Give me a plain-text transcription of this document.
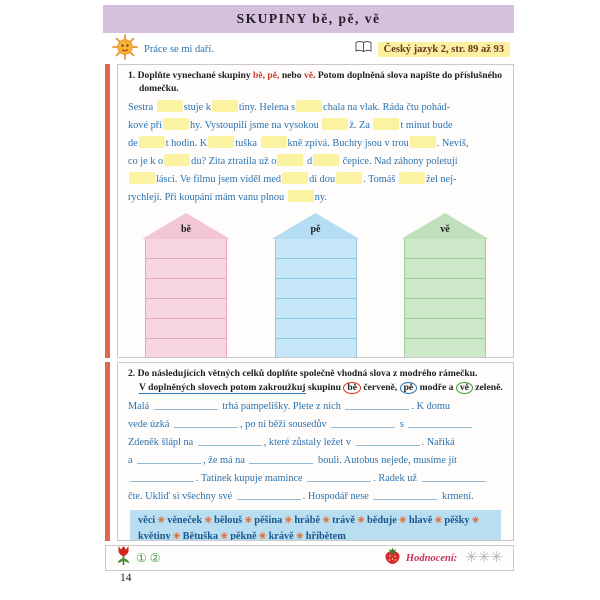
SKUPINY bě, pě, vě
Práce se mi daří.	Český jazyk 2, str. 89 až 93
1. Doplňte vynechané skupiny bě, pě, nebo vě. Potom doplněná slova napište do příslušného domečku.
Sestra	stuje k	tiny. Helena s	chala na vlak. Ráda čtu pohád-
kové pří	hy. Vystoupili jsme na vysokou	ž. Za	t minut bude
de	t hodin. K	tuška	kně zpívá. Buchty jsou v trou	. Nevíš,
co je k o	du? Zita ztratila už o	d	čepice. Nad záhony poletují
lásci. Ve filmu jsem viděl med	dí dou	. Tomáš	žel nej-
rychleji. Při koupání mám vanu plnou	ny.
bě	pě	vě
2. Do následujících větných celků doplňte společně vhodná slova z modrého rámečku.
V doplněných slovech potom zakroužkuj skupinu bě červeně, pě modře a vě zeleně.
Malá	trhá pampelišky. Plete z nich	. K domu
vede úzká	, po ní běží sousedův	s
Zdeněk šlápl na	, které zůstaly ležet v	. Naříká
a	, že má na	bouli. Autobus nejede, musíme jít
. Tatínek kupuje mamince	. Radek už
čte. Ukliď si všechny své	. Hospodář nese	krmení.
věci ✳ věneček ✳ bělouš ✳ pěšina ✳ hrábě ✳ trávě ✳ běduje ✳ hlavě ✳ pěšky ✳ květiny ✳ Bětuška ✳ pěkně ✳ krávě ✳ hříbětem
① ②	Hodnocení: ✳✳✳
14
